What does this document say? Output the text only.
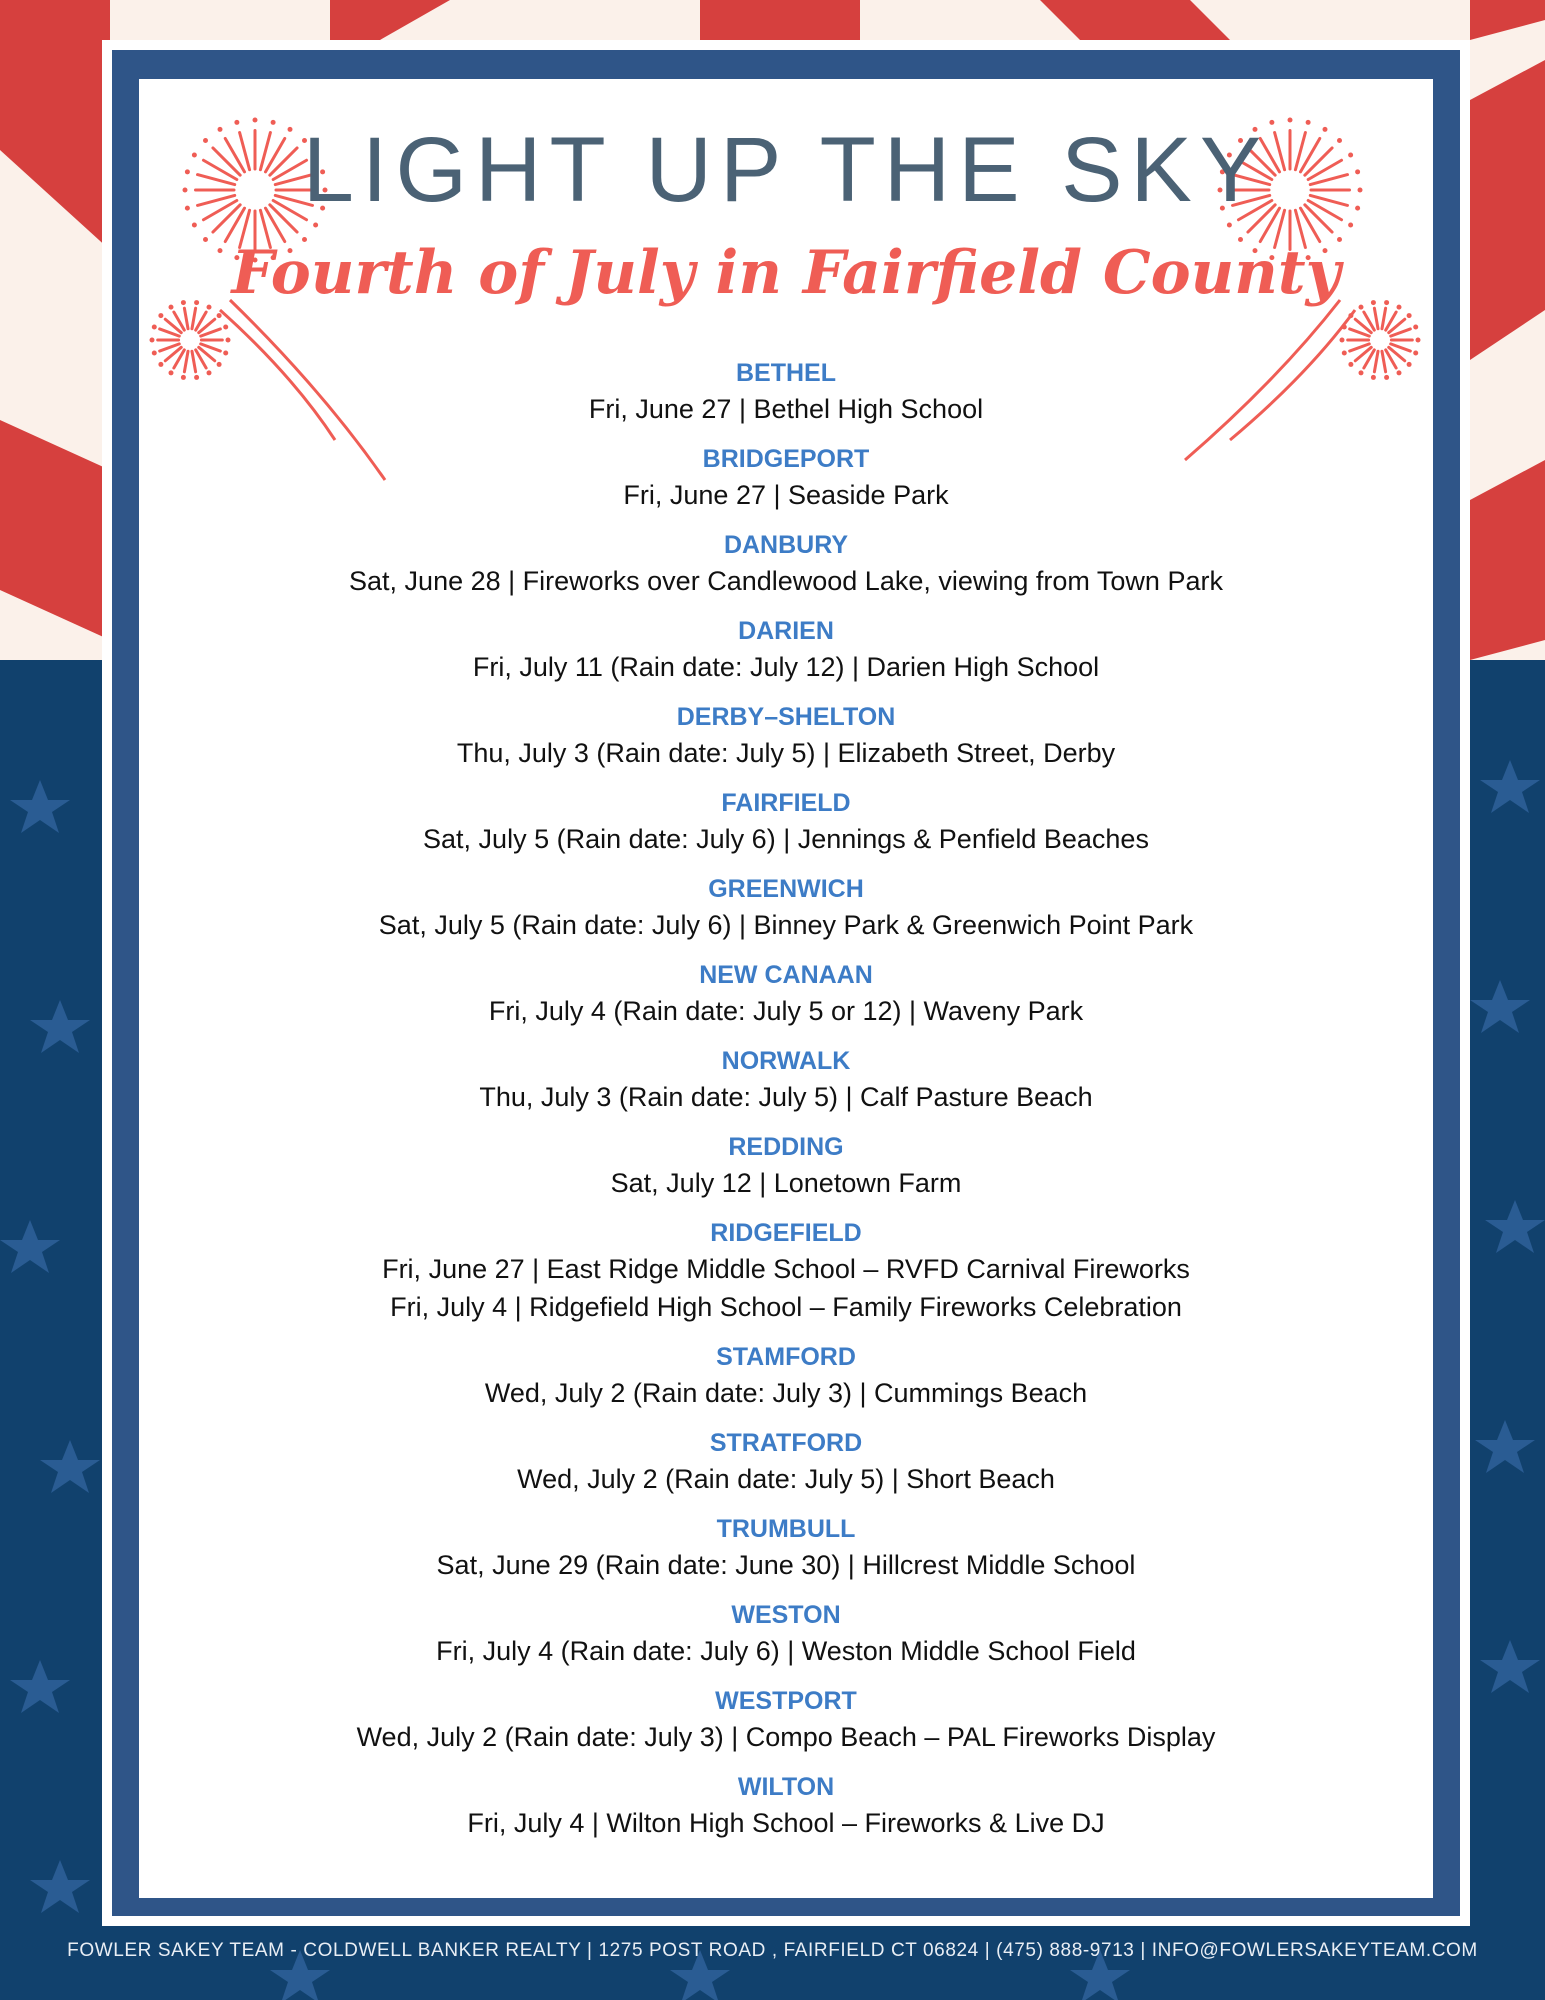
LIGHT UP THE SKY
Fourth of July in Fairfield County
BETHEL
Fri, June 27 | Bethel High School
BRIDGEPORT
Fri, June 27 | Seaside Park
DANBURY
Sat, June 28 | Fireworks over Candlewood Lake, viewing from Town Park
DARIEN
Fri, July 11 (Rain date: July 12) | Darien High School
DERBY–SHELTON
Thu, July 3 (Rain date: July 5) | Elizabeth Street, Derby
FAIRFIELD
Sat, July 5 (Rain date: July 6) | Jennings & Penfield Beaches
GREENWICH
Sat, July 5 (Rain date: July 6) | Binney Park & Greenwich Point Park
NEW CANAAN
Fri, July 4 (Rain date: July 5 or 12) | Waveny Park
NORWALK
Thu, July 3 (Rain date: July 5) | Calf Pasture Beach
REDDING
Sat, July 12 | Lonetown Farm
RIDGEFIELD
Fri, June 27 | East Ridge Middle School – RVFD Carnival Fireworks
Fri, July 4 | Ridgefield High School – Family Fireworks Celebration
STAMFORD
Wed, July 2 (Rain date: July 3) | Cummings Beach
STRATFORD
Wed, July 2 (Rain date: July 5) | Short Beach
TRUMBULL
Sat, June 29 (Rain date: June 30) | Hillcrest Middle School
WESTON
Fri, July 4 (Rain date: July 6) | Weston Middle School Field
WESTPORT
Wed, July 2 (Rain date: July 3) | Compo Beach – PAL Fireworks Display
WILTON
Fri, July 4 | Wilton High School – Fireworks & Live DJ
FOWLER SAKEY TEAM - COLDWELL BANKER REALTY | 1275 POST ROAD , FAIRFIELD CT 06824 | (475) 888-9713 | INFO@FOWLERSAKEYTEAM.COM
